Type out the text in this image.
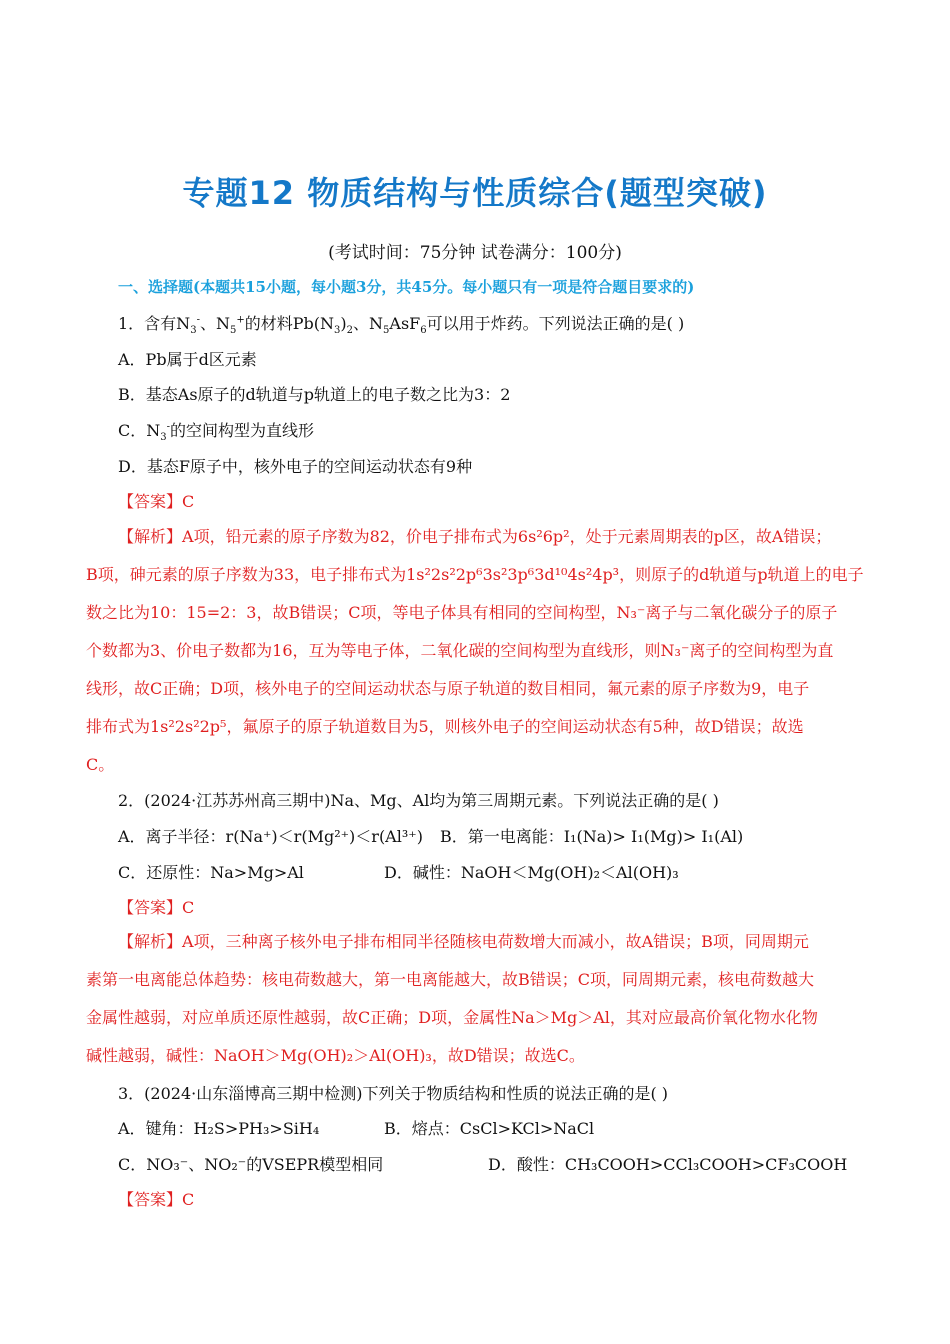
专题12 物质结构与性质综合(题型突破)
(考试时间：75分钟 试卷满分：100分)
一、选择题(本题共15小题，每小题3分，共45分。每小题只有一项是符合题目要求的)
1．含有$N_3^-$、$N_5^+$的材料$Pb(N_3)_2$、$N_5AsF_6$可以用于炸药。下列说法正确的是( )
A．Pb属于d区元素
B．基态As原子的d轨道与p轨道上的电子数之比为3：2
C．$N_3^-$的空间构型为直线形
D．基态F原子中，核外电子的空间运动状态有9种
【答案】C
【解析】A项，铅元素的原子序数为82，价电子排布式为6s²6p²，处于元素周期表的p区，故A错误；
B项，砷元素的原子序数为33，电子排布式为1s²2s²2p⁶3s²3p⁶3d¹⁰4s²4p³，则原子的d轨道与p轨道上的电子
数之比为10：15=2：3，故B错误；C项，等电子体具有相同的空间构型，N₃⁻离子与二氧化碳分子的原子
个数都为3、价电子数都为16，互为等电子体，二氧化碳的空间构型为直线形，则N₃⁻离子的空间构型为直
线形，故C正确；D项，核外电子的空间运动状态与原子轨道的数目相同，氟元素的原子序数为9，电子
排布式为1s²2s²2p⁵，氟原子的原子轨道数目为5，则核外电子的空间运动状态有5种，故D错误；故选
C。
2．(2024·江苏苏州高三期中)Na、Mg、Al均为第三周期元素。下列说法正确的是( )
A．离子半径：r(Na⁺)＜r(Mg²⁺)＜r(Al³⁺) B．第一电离能：I₁(Na)> I₁(Mg)> I₁(Al)
C．还原性：Na>Mg>Al	D．碱性：NaOH＜Mg(OH)₂＜Al(OH)₃
【答案】C
【解析】A项，三种离子核外电子排布相同半径随核电荷数增大而减小，故A错误；B项，同周期元
素第一电离能总体趋势：核电荷数越大，第一电离能越大，故B错误；C项，同周期元素，核电荷数越大
金属性越弱，对应单质还原性越弱，故C正确；D项，金属性Na＞Mg＞Al，其对应最高价氧化物水化物
碱性越弱，碱性：NaOH＞Mg(OH)₂＞Al(OH)₃，故D错误；故选C。
3．(2024·山东淄博高三期中检测)下列关于物质结构和性质的说法正确的是( )
A．键角：H₂S>PH₃>SiH₄	B．熔点：CsCl>KCl>NaCl
C．NO₃⁻、NO₂⁻的VSEPR模型相同	D．酸性：CH₃COOH>CCl₃COOH>CF₃COOH
【答案】C
